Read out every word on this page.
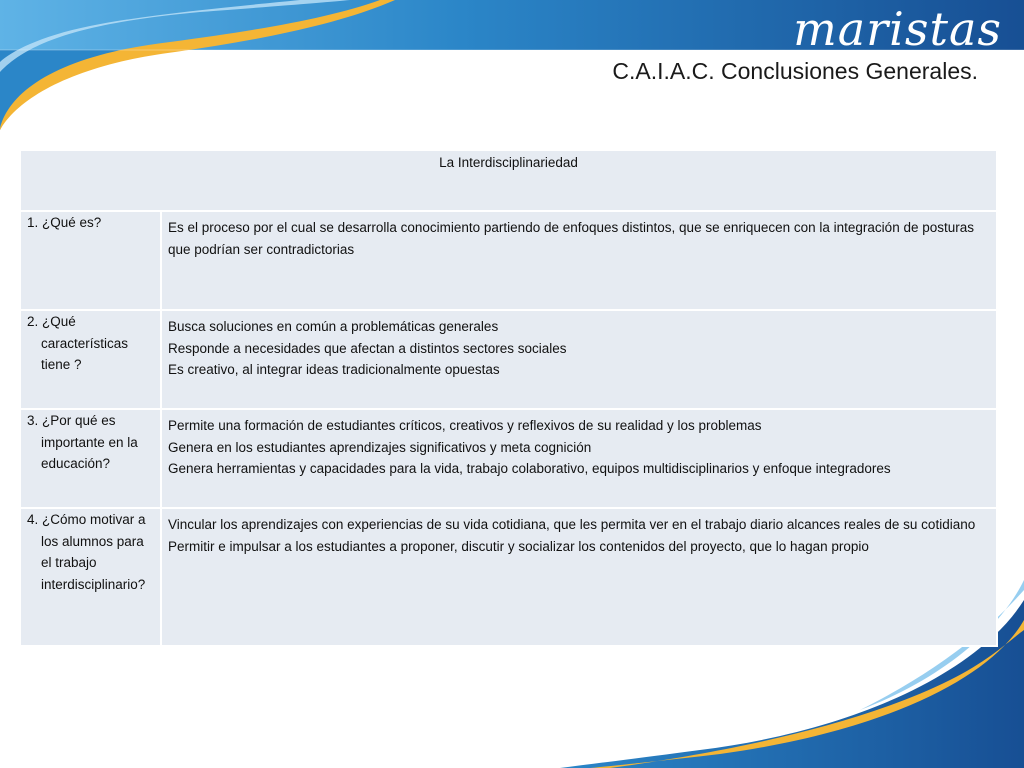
maristas
C.A.I.A.C. Conclusiones Generales.
La Interdisciplinariedad	

1. ¿Qué es?	Es el proceso por el cual se desarrolla conocimiento partiendo de enfoques distintos, que se enriquecen con la integración de posturas que podrían ser contradictorias

2. ¿Qué características tiene ?	Busca soluciones en común a problemáticas generales
Responde a necesidades que afectan a distintos sectores sociales
Es creativo, al integrar ideas tradicionalmente opuestas

3. ¿Por qué es importante en la educación?	Permite una formación de estudiantes críticos, creativos y reflexivos de su realidad y los problemas
Genera en los estudiantes aprendizajes significativos y meta cognición
Genera herramientas y capacidades para la vida, trabajo colaborativo, equipos multidisciplinarios y enfoque integradores

4. ¿Cómo motivar a los alumnos para el trabajo interdisciplinario?	Vincular los aprendizajes con experiencias de su vida cotidiana, que les permita ver en el trabajo diario alcances reales de su cotidiano
Permitir e impulsar a los estudiantes a proponer, discutir y socializar los contenidos del proyecto, que lo hagan propio
